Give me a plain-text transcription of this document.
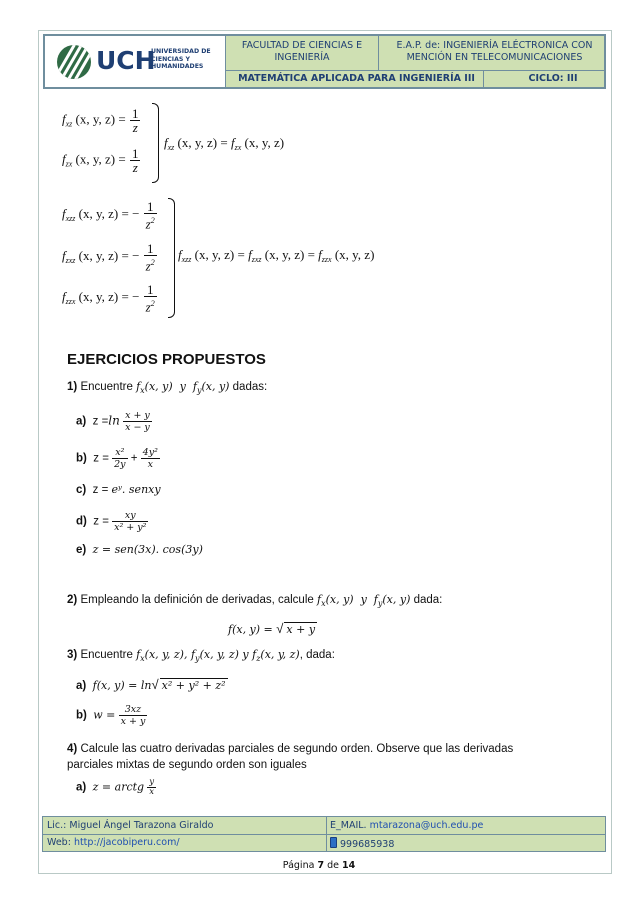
UCH
UNIVERSIDAD DE
CIENCIAS Y
HUMANIDADES
FACULTAD DE CIENCIAS E
INGENIERÍA
E.A.P. de: INGENIERÍA ELÉCTRONICA CON
MENCIÓN EN TELECOMUNICACIONES
MATEMÁTICA APLICADA PARA INGENIERÍA III	CICLO: III
$f_{xz}$ (x, y, $z) = \frac{1}{z}$
$f_{zx}$ (x, y, $z) = \frac{1}{z}$
$f_{xz}$ (x, y, $z) = f_{zx}$ (x, y, z)
$f_{xzz}$ (x, y, z) = − $\frac{1}{z^2}$
$f_{zxz}$ (x, y, z) = − $\frac{1}{z^2}$
$f_{zzx}$ (x, y, z) = − $\frac{1}{z^2}$
$f_{xzz}$ (x, y, $z) = f_{zxz}$ (x, y, $z) = f_{zzx}$ (x, y, z)
EJERCICIOS PROPUESTOS
1) Encuentre $f_x(x$, y)  y  $f_y(x$, y) dadas:
a) $z =\ln \frac{x + y}{x - y}$
b) $z = \frac{\text{x²}}{2y} + \frac{\text{4y²}}{x}$
c) z = eʸ. senxy
d) $z = \frac{xy}{\text{x² + y²}}$
e) z = sen(3x). cos(3y)
2) Empleando la definición de derivadas, calcule $f_x(x$, y)  y  $f_y(x$, y) dada:
f(x, y) = √ x + y
3) Encuentre $f_x(x$, y, z), $f_y(x$, y, z) y $f_z(x$, y, z), dada:
a) f(x, y) = ln√ x² + y² + z²
b) $w = \frac{3xz}{x + y}$
4) Calcule las cuatro derivadas parciales de segundo orden. Observe que las derivadas
parciales mixtas de segundo orden son iguales
a) z = arctg $\frac{y}{x}$
Lic.: Miguel Ángel Tarazona Giraldo	E_MAIL. mtarazona@uch.edu.pe
Web: http://jacobiperu.com/	999685938
Página 7 de 14
